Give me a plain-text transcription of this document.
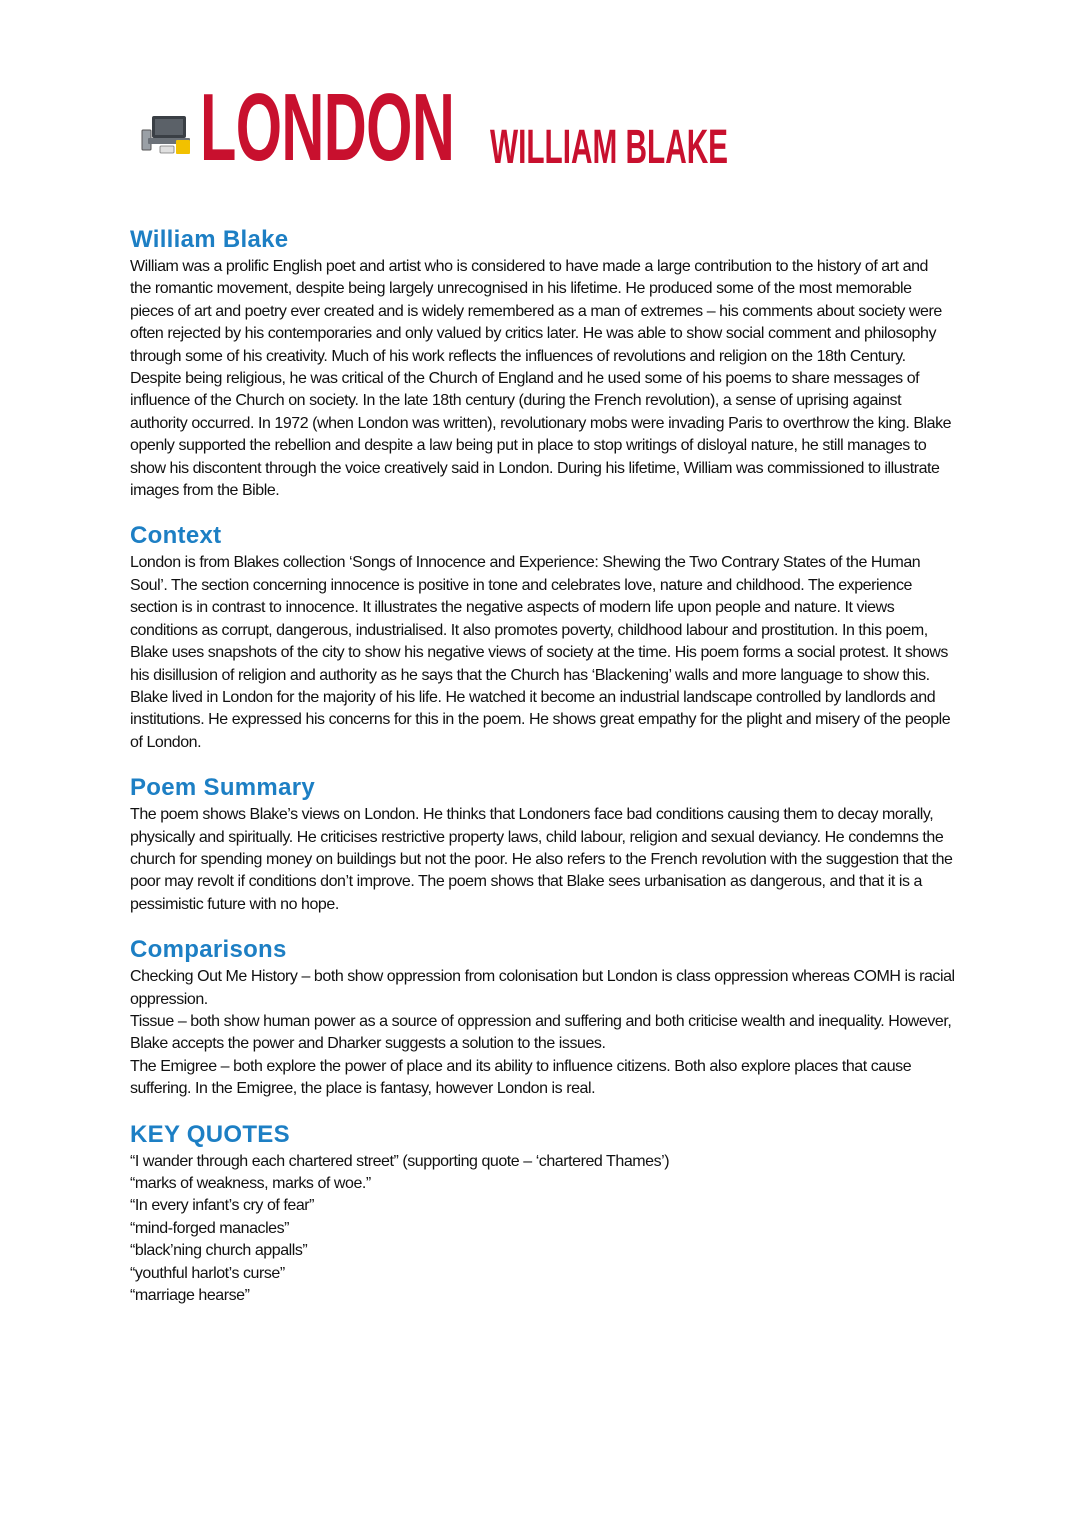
LONDON WILLIAM BLAKE
William Blake

William was a prolific English poet and artist who is considered to have made a large contribution to the history of art and

the romantic movement, despite being largely unrecognised in his lifetime. He produced some of the most memorable

pieces of art and poetry ever created and is widely remembered as a man of extremes – his comments about society were

often rejected by his contemporaries and only valued by critics later. He was able to show social comment and philosophy

through some of his creativity. Much of his work reflects the influences of revolutions and religion on the 18th Century.

Despite being religious, he was critical of the Church of England and he used some of his poems to share messages of

influence of the Church on society. In the late 18th century (during the French revolution), a sense of uprising against

authority occurred. In 1972 (when London was written), revolutionary mobs were invading Paris to overthrow the king. Blake

openly supported the rebellion and despite a law being put in place to stop writings of disloyal nature, he still manages to

show his discontent through the voice creatively said in London. During his lifetime, William was commissioned to illustrate

images from the Bible.

Context

London is from Blakes collection ‘Songs of Innocence and Experience: Shewing the Two Contrary States of the Human

Soul’. The section concerning innocence is positive in tone and celebrates love, nature and childhood. The experience

section is in contrast to innocence. It illustrates the negative aspects of modern life upon people and nature. It views

conditions as corrupt, dangerous, industrialised. It also promotes poverty, childhood labour and prostitution. In this poem,

Blake uses snapshots of the city to show his negative views of society at the time. His poem forms a social protest. It shows

his disillusion of religion and authority as he says that the Church has ‘Blackening’ walls and more language to show this.

Blake lived in London for the majority of his life. He watched it become an industrial landscape controlled by landlords and

institutions. He expressed his concerns for this in the poem. He shows great empathy for the plight and misery of the people

of London.

Poem Summary

The poem shows Blake’s views on London. He thinks that Londoners face bad conditions causing them to decay morally,

physically and spiritually. He criticises restrictive property laws, child labour, religion and sexual deviancy. He condemns the

church for spending money on buildings but not the poor. He also refers to the French revolution with the suggestion that the

poor may revolt if conditions don’t improve. The poem shows that Blake sees urbanisation as dangerous, and that it is a

pessimistic future with no hope.

Comparisons

Checking Out Me History – both show oppression from colonisation but London is class oppression whereas COMH is racial

oppression.

Tissue – both show human power as a source of oppression and suffering and both criticise wealth and inequality. However,

Blake accepts the power and Dharker suggests a solution to the issues.

The Emigree – both explore the power of place and its ability to influence citizens. Both also explore places that cause

suffering. In the Emigree, the place is fantasy, however London is real.

KEY QUOTES

“I wander through each chartered street” (supporting quote – ‘chartered Thames’)

“marks of weakness, marks of woe.”

“In every infant’s cry of fear”

“mind-forged manacles”

“black’ning church appalls”

“youthful harlot’s curse”

“marriage hearse”
